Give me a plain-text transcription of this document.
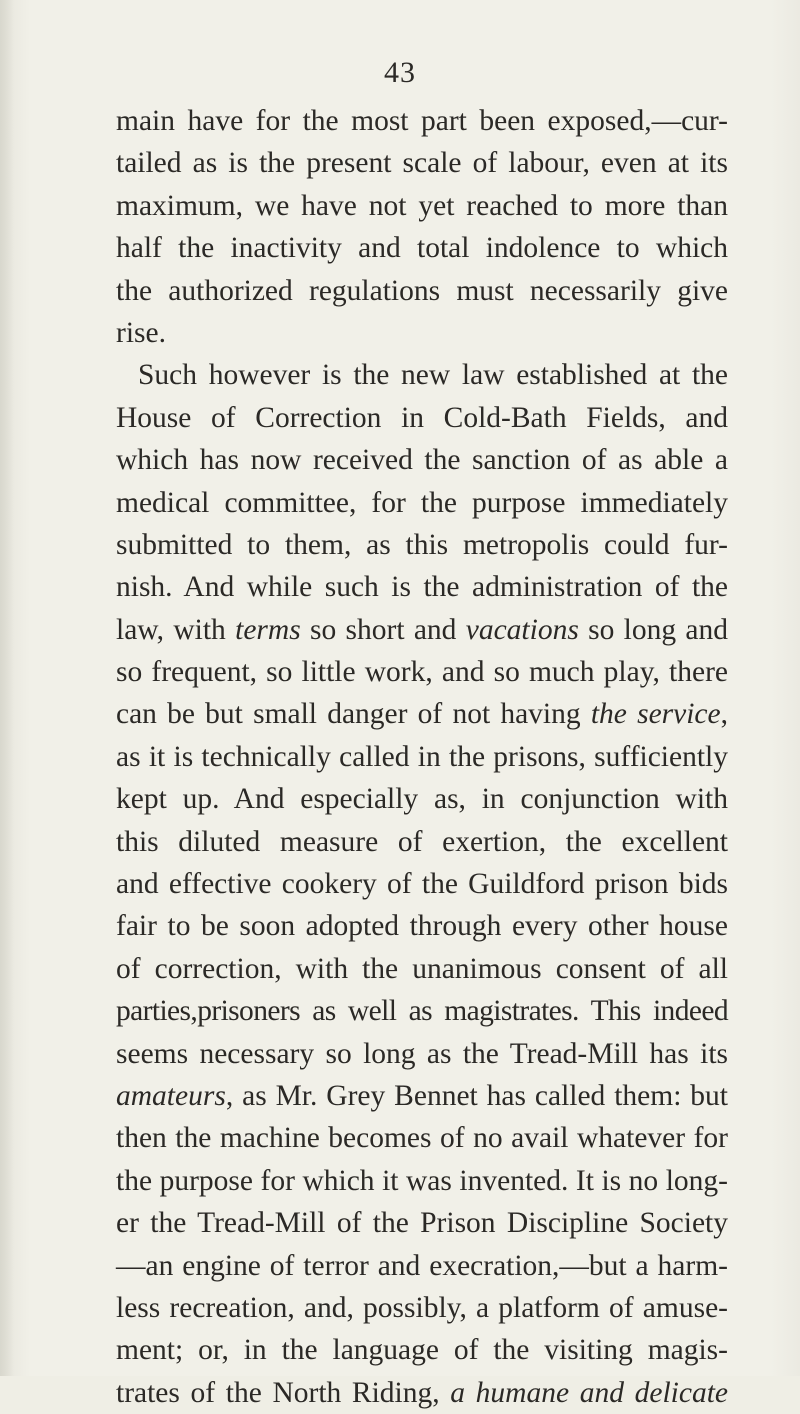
43
main have for the most part been exposed,—cur-
tailed as is the present scale of labour, even at its
maximum, we have not yet reached to more than
half the inactivity and total indolence to which
the authorized regulations must necessarily give
rise.
Such however is the new law established at the
House of Correction in Cold-Bath Fields, and
which has now received the sanction of as able a
medical committee, for the purpose immediately
submitted to them, as this metropolis could fur-
nish. And while such is the administration of the
law, with terms so short and vacations so long and
so frequent, so little work, and so much play, there
can be but small danger of not having the service,
as it is technically called in the prisons, sufficiently
kept up. And especially as, in conjunction with
this diluted measure of exertion, the excellent
and effective cookery of the Guildford prison bids
fair to be soon adopted through every other house
of correction, with the unanimous consent of all
parties,prisoners as well as magistrates. This indeed
seems necessary so long as the Tread-Mill has its
amateurs, as Mr. Grey Bennet has called them: but
then the machine becomes of no avail whatever for
the purpose for which it was invented. It is no long-
er the Tread-Mill of the Prison Discipline Society
—an engine of terror and execration,—but a harm-
less recreation, and, possibly, a platform of amuse-
ment; or, in the language of the visiting magis-
trates of the North Riding, a humane and delicate
